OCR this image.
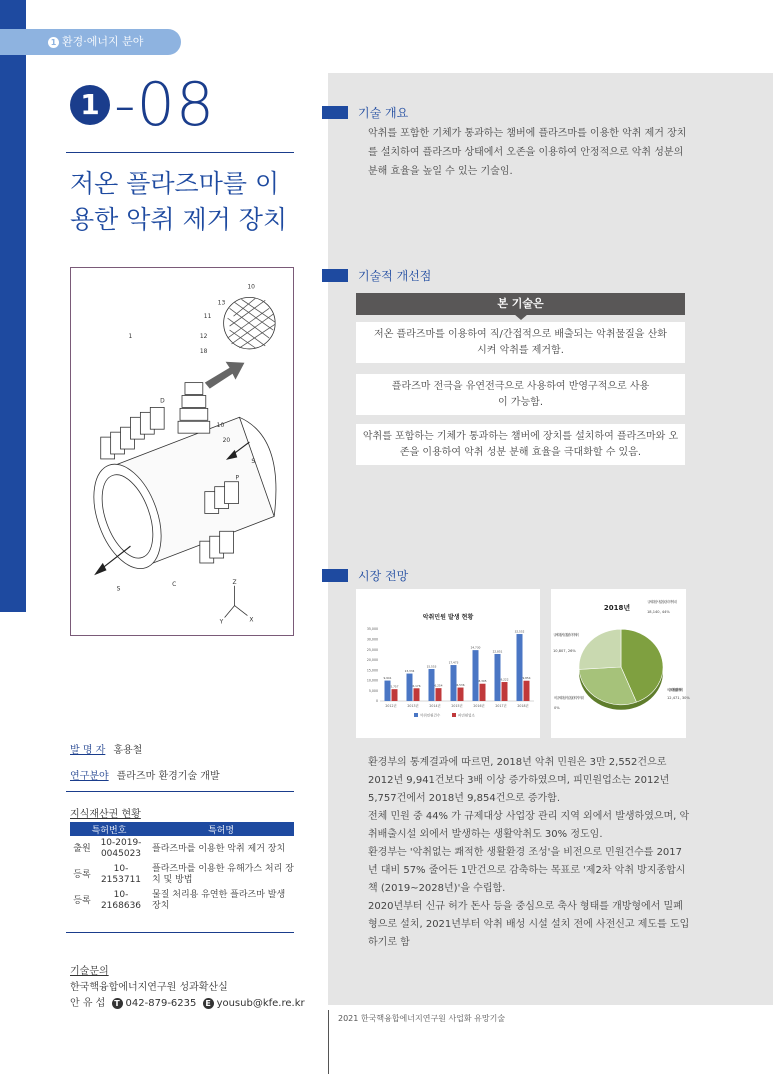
1 환경·에너지 분야
1 -08
저온 플라즈마를 이용한 악취 제거 장치
1
10
13
11
12
18
D
10
20
S
P
C
S
Z
Y	X
발 명 자 홍용철
연구분야 플라즈마 환경기술 개발
지식재산권 현황
특허번호		특허명
출원	10-2019-0045023	플라즈마를 이용한 악취 제거 장치
등록	10-2153711	플라즈마를 이용한 유해가스 처리 장치 및 방법
등록	10-2168636	물질 처리용 유연한 플라즈마 발생 장치
기술문의
한국핵융합에너지연구원 성과확산실
안 유 섭 T 042-879-6235 E yousub@kfe.re.kr
기술 개요
악취를 포함한 기체가 통과하는 챔버에 플라즈마를 이용한 악취 제거 장치를 설치하여 플라즈마 상태에서 오존을 이용하여 안정적으로 악취 성분의 분해 효율을 높일 수 있는 기술임.
기술적 개선점
본 기술은
저온 플라즈마를 이용하여 직/간접적으로 배출되는 악취물질을 산화시켜 악취를 제거함.
플라즈마 전극을 유연전극으로 사용하여 반영구적으로 사용이 가능함.
악취를 포함하는 기체가 통과하는 챔버에 장치를 설치하여 플라즈마와 오존을 이용하여 악취 성분 분해 효율을 극대화할 수 있음.
시장 전망
악취민원 발생 현황
35,000
30,000
25,000
20,000
15,000
10,000
5,000
0
9,941
5,757
13,334
6,176
15,553
6,254
17,473
6,536
24,730
8,395
22,851
9,222
32,552
9,854
2012년	2013년	2014년	2015년	2016년	2017년	2018년
악취민원건수	피민원업소
2018년
규제대상 사업장 관리지역 내
18,140, 44%
비규제대상 사업장 관리지역 외
12,471, 30%
규제대상 사업장 관리지역 외
10,807, 26%
비규제대상 사업장 관리지역 내
0%
환경부의 통계결과에 따르면, 2018년 악취 민원은 3만 2,552건으로 2012년 9,941건보다 3배 이상 증가하였으며, 피민원업소는 2012년 5,757건에서 2018년 9,854건으로 증가함.
전체 민원 중 44% 가 규제대상 사업장 관리 지역 외에서 발생하였으며, 악취배출시설 외에서 발생하는 생활악취도 30% 정도임.
환경부는 '악취없는 쾌적한 생활환경 조성'을 비전으로 민원건수를 2017년 대비 57% 줄어든 1만건으로 감축하는 목표로 '제2차 악취 방지종합시책 (2019~2028년)'을 수립함.
2020년부터 신규 허가 돈사 등을 중심으로 축사 형태를 개방형에서 밀폐형으로 설치, 2021년부터 악취 배성 시설 설치 전에 사전신고 제도를 도입하기로 함
2021 한국핵융합에너지연구원 사업화 유망기술
